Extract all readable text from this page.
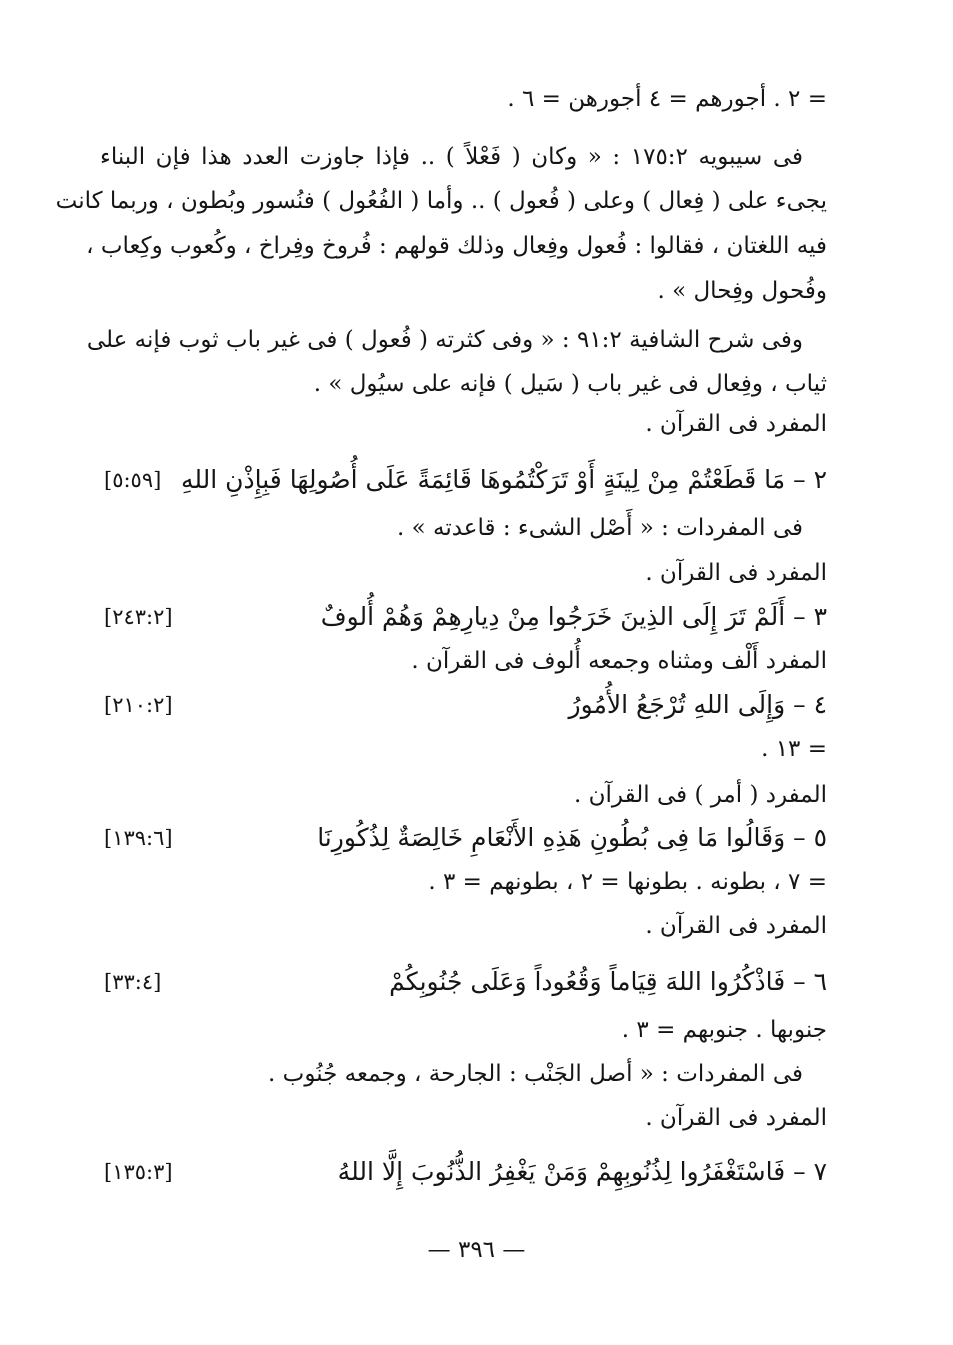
= ٢ . أجورهم = ٤ أجورهن = ٦ .
فى سيبويه ١٧٥:٢ : « وكان ( فَعْلاً ) .. فإذا جاوزت العدد هذا فإن البناء
يجىء على ( فِعال ) وعلى ( فُعول ) .. وأما ( الفُعُول ) فنُسور وبُطون ، وربما كانت
فيه اللغتان ، فقالوا : فُعول وفِعال وذلك قولهم : فُروخ وفِراخ ، وكُعوب وكِعاب ،
وفُحول وفِحال » .
وفى شرح الشافية ٩١:٢ : « وفى كثرته ( فُعول ) فى غير باب ثوب فإنه على
ثياب ، وفِعال فى غير باب ( سَيل ) فإنه على سيُول » .
المفرد فى القرآن .
٢ – مَا قَطَعْتُمْ مِنْ لِينَةٍ أَوْ تَرَكْتُمُوهَا قَائِمَةً عَلَى أُصُولِهَا فَبِإِذْنِ اللهِ
[٥:٥٩]
فى المفردات : « أَصْل الشىء : قاعدته » .
المفرد فى القرآن .
٣ – أَلَمْ تَرَ إِلَى الذِينَ خَرَجُوا مِنْ دِيارِهِمْ وَهُمْ أُلوفٌ
[٢٤٣:٢]
المفرد أَلْف ومثناه وجمعه أُلوف فى القرآن .
٤ – وَإِلَى اللهِ تُرْجَعُ الأُمُورُ
[٢١٠:٢]
= ١٣ .
المفرد ( أمر ) فى القرآن .
٥ – وَقَالُوا مَا فِى بُطُونِ هَذِهِ الأَنْعَامِ خَالِصَةٌ لِذُكُورِنَا
[١٣٩:٦]
= ٧ ، بطونه . بطونها = ٢ ، بطونهم = ٣ .
المفرد فى القرآن .
٦ – فَاذْكُرُوا اللهَ قِيَاماً وَقُعُوداً وَعَلَى جُنُوبِكُمْ
[٣٣:٤]
جنوبها . جنوبهم = ٣ .
فى المفردات : « أصل الجَنْب : الجارحة ، وجمعه جُنُوب .
المفرد فى القرآن .
٧ – فَاسْتَغْفَرُوا لِذُنُوبِهِمْ وَمَنْ يَغْفِرُ الذُّنُوبَ إِلَّا اللهُ
[١٣٥:٣]
— ٣٩٦ —
